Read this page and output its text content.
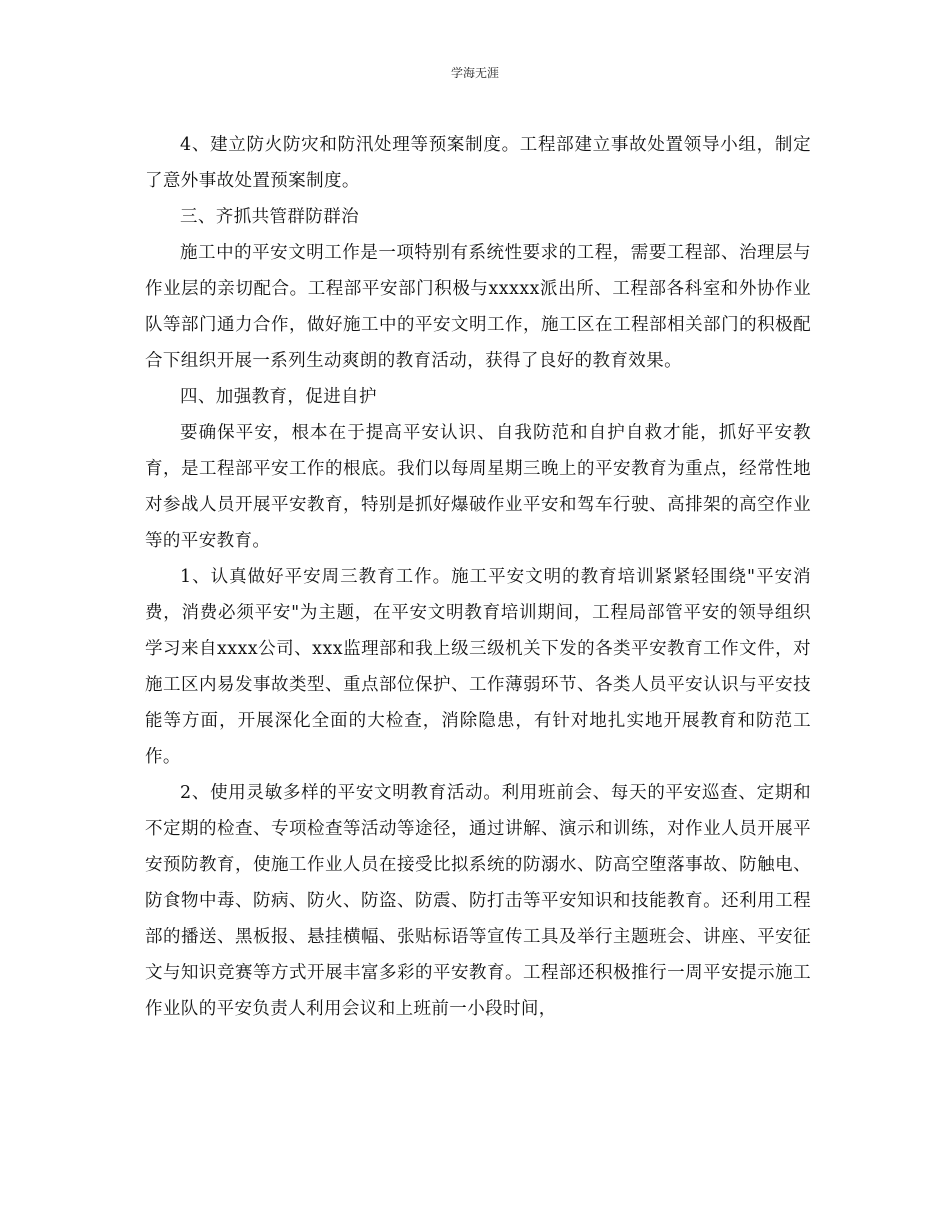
学海无涯

4、建立防火防灾和防汛处理等预案制度。工程部建立事故处置领导小组，制定了意外事故处置预案制度。

三、齐抓共管群防群治

施工中的平安文明工作是一项特别有系统性要求的工程，需要工程部、治理层与作业层的亲切配合。工程部平安部门积极与xxxxx派出所、工程部各科室和外协作业队等部门通力合作，做好施工中的平安文明工作，施工区在工程部相关部门的积极配合下组织开展一系列生动爽朗的教育活动，获得了良好的教育效果。

四、加强教育，促进自护

要确保平安，根本在于提高平安认识、自我防范和自护自救才能，抓好平安教育，是工程部平安工作的根底。我们以每周星期三晚上的平安教育为重点，经常性地对参战人员开展平安教育，特别是抓好爆破作业平安和驾车行驶、高排架的高空作业等的平安教育。

1、认真做好平安周三教育工作。施工平安文明的教育培训紧紧轻围绕"平安消费，消费必须平安"为主题，在平安文明教育培训期间，工程局部管平安的领导组织学习来自xxxx公司、xxx监理部和我上级三级机关下发的各类平安教育工作文件，对施工区内易发事故类型、重点部位保护、工作薄弱环节、各类人员平安认识与平安技能等方面，开展深化全面的大检查，消除隐患，有针对地扎实地开展教育和防范工作。

2、使用灵敏多样的平安文明教育活动。利用班前会、每天的平安巡查、定期和不定期的检查、专项检查等活动等途径，通过讲解、演示和训练，对作业人员开展平安预防教育，使施工作业人员在接受比拟系统的防溺水、防高空堕落事故、防触电、防食物中毒、防病、防火、防盗、防震、防打击等平安知识和技能教育。还利用工程部的播送、黑板报、悬挂横幅、张贴标语等宣传工具及举行主题班会、讲座、平安征文与知识竞赛等方式开展丰富多彩的平安教育。工程部还积极推行一周平安提示施工作业队的平安负责人利用会议和上班前一小段时间，
